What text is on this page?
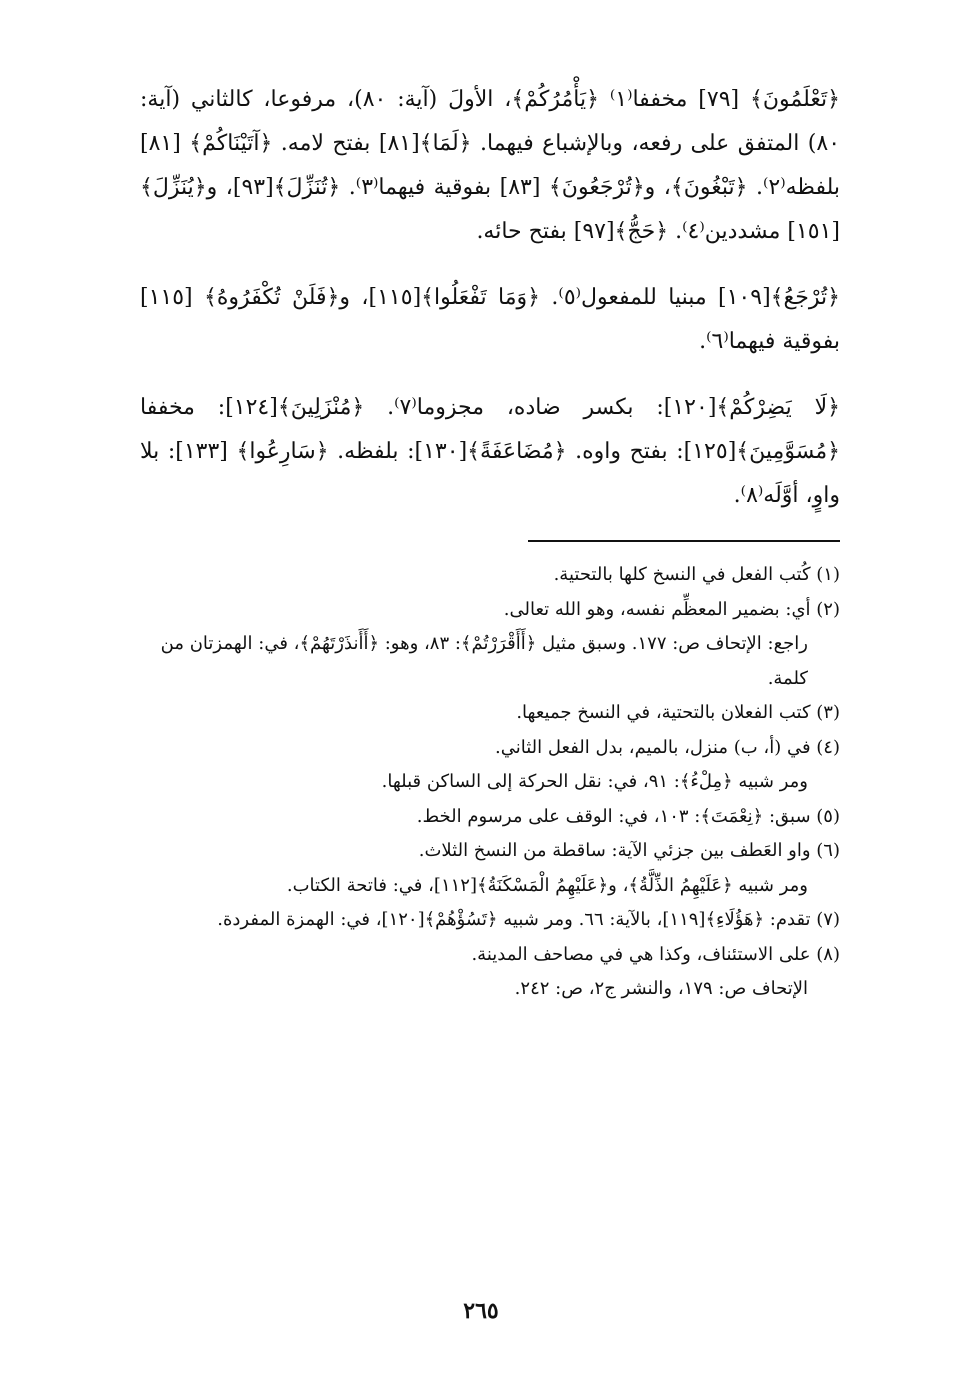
﴿تَعْلَمُونَ﴾ [٧٩] مخففا⁽١⁾ ﴿يَأْمُرُكُمْ﴾، الأولَ (آية: ٨٠)، مرفوعا، كالثاني (آية: ٨٠) المتفق على رفعه، وبالإشباع فيهما. ﴿لَمَا﴾[٨١] بفتح لامه. ﴿آتَيْنَاكُمْ﴾ [٨١] بلفظه⁽٢⁾. ﴿تَبْغُونَ﴾، و﴿تُرْجَعُونَ﴾ [٨٣] بفوقية فيهما⁽٣⁾. ﴿تُنَزِّلَ﴾[٩٣]، و﴿يُنَزِّلَ﴾ [١٥١] مشددين⁽٤⁾. ﴿حَجُّ﴾[٩٧] بفتح حائه.

﴿تُرْجَعُ﴾[١٠٩] مبنيا للمفعول⁽٥⁾. ﴿وَمَا تَفْعَلُوا﴾[١١٥]، و﴿فَلَنْ تُكْفَرُوهُ﴾ [١١٥] بفوقية فيهما⁽٦⁾.

﴿لَا يَضِرْكُمْ﴾[١٢٠]: بكسر ضاده، مجزوما⁽٧⁾. ﴿مُنْزَلِينَ﴾[١٢٤]: مخففا ﴿مُسَوَّمِينَ﴾[١٢٥]: بفتح واوه. ﴿مُضَاعَفَةً﴾[١٣٠]: بلفظه. ﴿سَارِعُوا﴾ [١٣٣]: بلا واوٍ، أوَّلَه⁽٨⁾.

(١) كُتب الفعل في النسخ كلها بالتحتية.

(٢) أي: بضمير المعظِّم نفسه، وهو الله تعالى.

راجع: الإتحاف ص: ١٧٧. وسبق مثيل ﴿أَأَقْرَرْتُمْ﴾: ٨٣، وهو: ﴿أَأَنذَرْتَهُمْ﴾، في: الهمزتان من كلمة.

(٣) كتب الفعلان بالتحتية، في النسخ جميعها.

(٤) في (أ، ب) منزل، بالميم، بدل الفعل الثاني.

ومر شبيه ﴿مِلْءُ﴾: ٩١، في: نقل الحركة إلى الساكن قبلها.

(٥) سبق: ﴿نِعْمَتَ﴾: ١٠٣، في: الوقف على مرسوم الخط.

(٦) واو العَطف بين جزئي الآية: ساقطة من النسخ الثلاث.

ومر شبيه ﴿عَلَيْهِمُ الذِّلَّةُ﴾، و﴿عَلَيْهِمُ الْمَسْكَنَةُ﴾[١١٢]، في: فاتحة الكتاب.

(٧) تقدم: ﴿هَؤُلَاءِ﴾[١١٩]، بالآية: ٦٦. ومر شبيه ﴿تَسُؤْهُمْ﴾[١٢٠]، في: الهمزة المفردة.

(٨) على الاستئناف، وكذا هي في مصاحف المدينة.

الإتحاف ص: ١٧٩، والنشر ج٢، ص: ٢٤٢.

٢٦٥
